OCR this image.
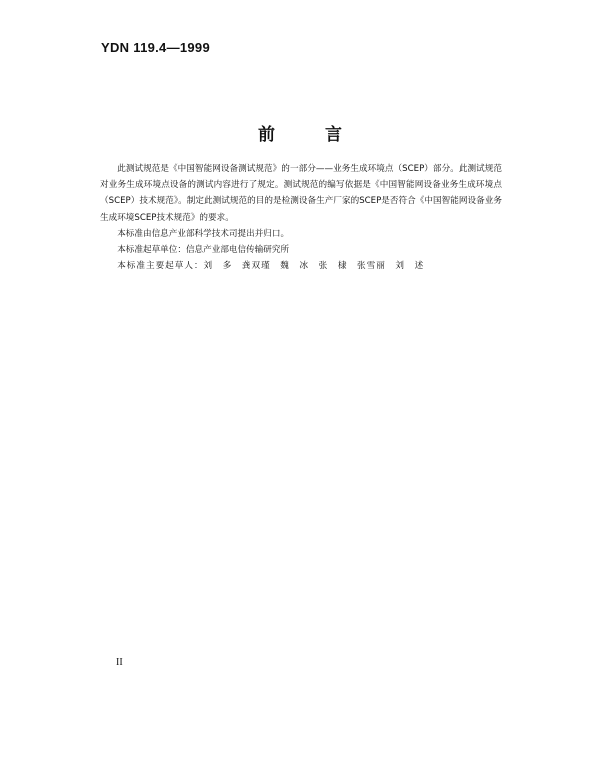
YDN 119.4—1999
前 言

此测试规范是《中国智能网设备测试规范》的一部分——业务生成环境点（SCEP）部分。此测试规范对业务生成环境点设备的测试内容进行了规定。测试规范的编写依据是《中国智能网设备业务生成环境点（SCEP）技术规范》。制定此测试规范的目的是检测设备生产厂家的SCEP是否符合《中国智能网设备业务生成环境SCEP技术规范》的要求。

本标准由信息产业部科学技术司提出并归口。

本标准起草单位：信息产业部电信传输研究所

本标准主要起草人：刘　多　龚双瑾　魏　冰　张　棣　张雪丽　刘　述

II
